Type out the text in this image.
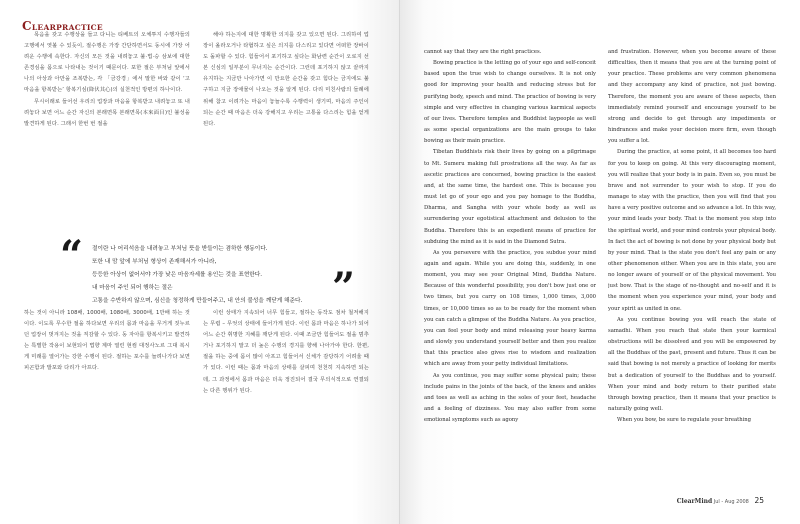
CLEARPRACTICE

목음을 갖고 수행상을 들고 다니는 티베트의 오체투지 수행자들의 고행에서 엿볼 수 있듯이, 절수행은 가장 간단하면서도 동시에 가장 어려운 수행에 속한다. 자신의 모든 것을 내려놓고 불·법·승 삼보에 대한 존경심을 몸으로 나타내는 것이기 때문이다. 포한 절은 부처님 앞에서 나의 아상과 아만을 조복받는, 각 「금강경」에서 말한 바와 같이 ‘고 마음을 항복받는’ 항복기심(降伏其心)의 실천적인 방편의 하나이다.

무시이래로 들어선 우리의 업장과 마음을 항복받고 내려놓고 또 내려놓다 보면 어느 순간 자신의 본래면목 본래면목(本來面目)인 불성을 발견하게 된다. 그래서 한번 번 절을

해야 하는지에 대한 명확한 의지를 갖고 있으면 된다. 그리하여 업장이 올라오거나 타협하고 싶은 의지를 다스리고 있다면 어떠한 장바이도 돌파할 수 있다. 힘들어서 포기하고 싶다는 화남련 순간이 오로지 선본 신심의 일부분이 무너지는 순간이다. 그런데 포기하지 않고 끝까지 유지하는 지금만 나아가면 이 만요한 순간을 갖고 힘다는 금지에도 불구하고 지금 장애물이 나오는 것을 알게 된다. 다리 미친사람의 들례에 위해 참고 이려가는 마음이 놓늘수록 수행력이 생기며, 마음의 주인이 되는 순간 때 마음은 더욱 강해지고 우리는 고통을 다스리는 힘을 얻게 된다.

“ 절이란 나 어리석음을 내려놓고 부처님 뜻을 받들이는 겸하한 행동이다.
또한 내 맘 앞에 부처님 형상이 존재해서가 아니라,
등등한 아상이 없어서야 가장 낮은 마음자세를 용인는 것을 표현한다.
내 마음이 주인 되어 행하는 절은
고통을 수반하지 않으며, 심신을 청정하게 만들어주고, 내 안의 불성을 깨닫게 해준다. ”

하는 것이 아니라 108배, 1000배, 1080배, 3000배, 1만배 하는 것이다. 이도록 무수한 절을 하다보면 우리의 몸과 마음을 무거게 짓누르던 업장이 벗겨지는 것을 직감할 수 있다. 동 자아를 항복시키고 발견하는 특별한 작용이 보현되어 법향 계마 열린 현컴 대정사노르 그대 복시게 미래를 열어가는 강한 수행이 된다. 절하는 포수를 늘려나가다 보면 피곤함과 발포와 다리가 아프다.

이런 상태가 지속되어 너무 힘들고, 절하는 동작도 점차 철저해지는 무렵 – 무엇의 상태에 들어가게 된다. 이런 몸과 마음은 하나가 되어 어느 순간 휘명한 지혜를 깨닫게 된다. 이때 조금만 힘들어도 절을 멈추거나 포기하지 말고 더 높은 수행의 경지를 향해 나아가야 한다. 한편, 절을 하는 중에 몸이 많이 아프고 힘들어서 신체가 감당하기 어려울 때가 있다. 이런 때는 몸과 마음의 상태를 살피며 천천히 지속하면 되는데, 그 과정에서 몸과 마음은 더욱 정진되어 결국 무의식적으로 연결되는 다른 행위가 된다.

cannot say that they are the right practices.

Bowing practice is the letting go of your ego and self-conceit based upon the true wish to change ourselves. It is not only good for improving your health and reducing stress but for purifying body, speech and mind. The practice of bowing is very simple and very effective in changing various karmical aspects of our lives. Therefore temples and Buddhist laypeople as well as some special organizations are the main groups to take bowing as their main practice.

Tibetan Buddhists risk their lives by going on a pilgrimage to Mt. Sumeru making full prostrations all the way. As far as ascetic practices are concerned, bowing practice is the easiest and, at the same time, the hardest one. This is because you must let go of your ego and you pay homage to the Buddha, Dharma, and Sangha with your whole body as well as surrendering your egotistical attachment and delusion to the Buddha. Therefore this is an expedient means of practice for subduing the mind as it is said in the Diamond Sutra.

As you persevere with the practice, you subdue your mind again and again. While you are doing this, suddenly, in one moment, you may see your Original Mind, Buddha Nature. Because of this wonderful possibility, you don't bow just one or two times, but you carry on 108 times, 1,000 times, 3,000 times, or 10,000 times so as to be ready for the moment when you can catch a glimpse of the Buddha Nature. As you practice, you can feel your body and mind releasing your heavy karma and slowly you understand yourself better and then you realize that this practice also gives rise to wisdom and realization which are away from your petty individual limitations.

As you continue, you may suffer some physical pain; these include pains in the joints of the back, of the knees and ankles and toes as well as aching in the soles of your feet, headache and a feeling of dizziness. You may also suffer from some emotional symptoms such as agony

and frustration. However, when you become aware of these difficulties, then it means that you are at the turning point of your practice. These problems are very common phenomena and they accompany any kind of practice, not just bowing. Therefore, the moment you are aware of these aspects, then immediately remind yourself and encourage yourself to be strong and decide to get through any impediments or hindrances and make your decision more firm, even though you suffer a lot.

During the practice, at some point, it all becomes too hard for you to keep on going. At this very discouraging moment, you will realize that your body is in pain. Even so, you must be brave and not surrender to your wish to stop. If you do manage to stay with the practice, then you will find that you have a very positive outcome and so advance a lot. In this way, your mind leads your body. That is the moment you step into the spiritual world, and your mind controls your physical body. In fact the act of bowing is not done by your physical body but by your mind. That is the state you don't feel any pain or any other phenomenon either. When you are in this state, you are no longer aware of yourself or of the physical movement. You just bow. That is the stage of no-thought and no-self and it is the moment when you experience your mind, your body and your spirit as united in one.

As you continue bowing you will reach the state of samadhi. When you reach that state then your karmical obstructions will be dissolved and you will be empowered by all the Buddhas of the past, present and future. Thus it can be said that bowing is not merely a practice of looking for merits but a dedication of yourself to the Buddhas and to yourself. When your mind and body return to their purified state through bowing practice, then it means that your practice is naturally going well.

When you bow, be sure to regulate your breathing

ClearMind Jul - Aug 2008 25
